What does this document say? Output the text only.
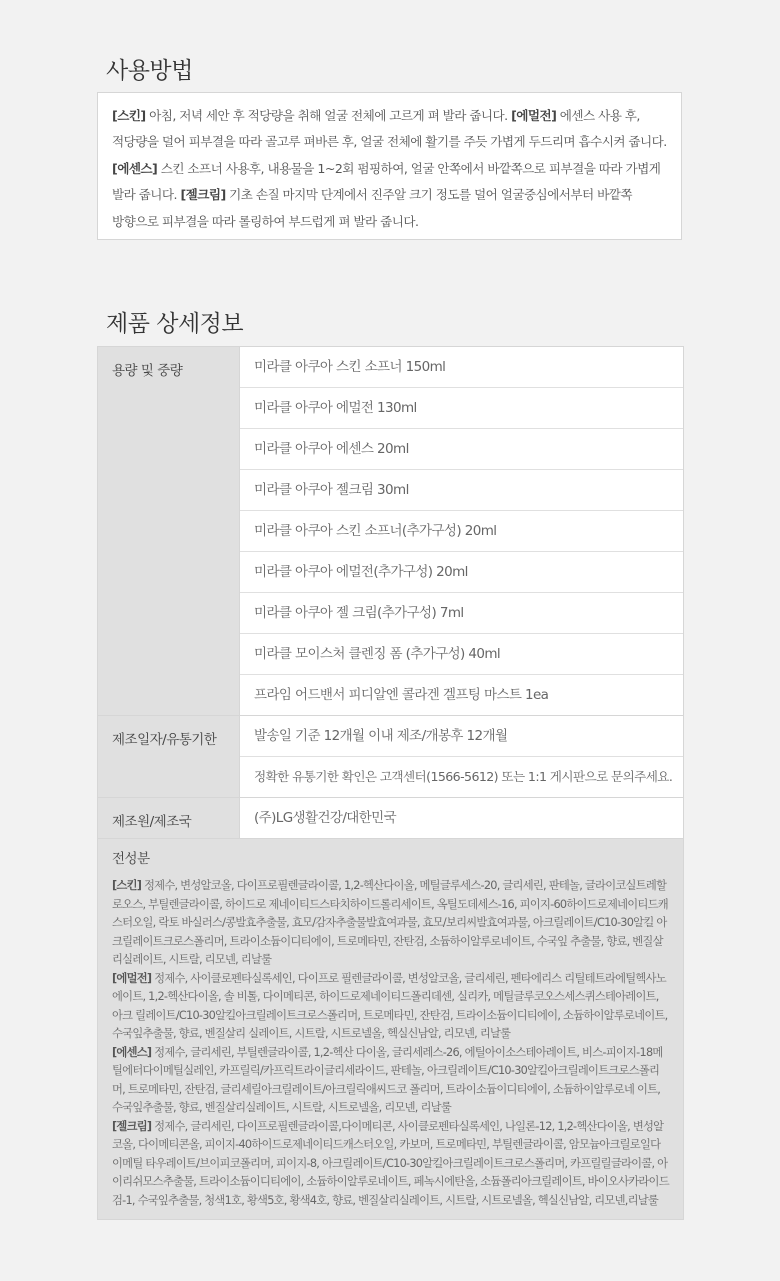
사용방법
[스킨] 아침, 저녁 세안 후 적당량을 취해 얼굴 전체에 고르게 펴 발라 줍니다. [에멀전] 에센스 사용 후, 적당량을 덜어 피부결을 따라 골고루 펴바른 후, 얼굴 전체에 활기를 주듯 가볍게 두드리며 흡수시켜 줍니다. [에센스] 스킨 소프너 사용후, 내용물을 1~2회 펌핑하여, 얼굴 안쪽에서 바깥쪽으로 피부결을 따라 가볍게 발라 줍니다. [젤크림] 기초 손질 마지막 단계에서 진주알 크기 정도를 덜어 얼굴중심에서부터 바깥쪽 방향으로 피부결을 따라 롤링하여 부드럽게 펴 발라 줍니다.
제품 상세정보
용량 및 중량	미라클 아쿠아 스킨 소프너 150ml
미라클 아쿠아 에멀전 130ml
미라클 아쿠아 에센스 20ml
미라클 아쿠아 젤크림 30ml
미라클 아쿠아 스킨 소프너(추가구성) 20ml
미라클 아쿠아 에멀전(추가구성) 20ml
미라클 아쿠아 젤 크림(추가구성) 7ml
미라클 모이스처 클렌징 폼 (추가구성) 40ml
프라임 어드밴서 피디알엔 콜라겐 겔프팅 마스트 1ea
제조일자/유통기한	발송일 기준 12개월 이내 제조/개봉후 12개월
정확한 유통기한 확인은 고객센터(1566-5612) 또는 1:1 게시판으로 문의주세요.
제조원/제조국	(주)LG생활건강/대한민국
전성분
[스킨] 정제수, 변성알코올, 다이프로필렌글라이콜, 1,2-헥산다이올, 메틸글루세스-20, 글리세린, 판테놀, 글라이코실트레할로오스, 부틸렌글라이콜, 하이드로 제네이티드스타치하이드롤리세이트, 옥틸도데세스-16, 피이지-60하이드로제네이티드캐스터오일, 락토 바실러스/콩발효추출물, 효모/감자추출물발효여과물, 효모/보리씨발효여과물, 아크릴레이트/C10-30알킬 아크릴레이트크로스폴리머, 트라이소듐이디티에이, 트로메타민, 잔탄검, 소듐하이알루로네이트, 수국잎 추출물, 향료, 벤질살리실레이트, 시트랄, 리모넨, 리날룰
[에멀전] 정제수, 사이클로펜타실록세인, 다이프로 필렌글라이콜, 변성알코올, 글리세린, 펜타에리스 리틸테트라에틸헥사노에이트, 1,2-헥산다이올, 솔 비톨, 다이메티콘, 하이드로제네이티드폴리데센, 실리카, 메틸글루코오스세스퀴스테아레이트, 아크 릴레이트/C10-30알킬아크릴레이트크로스폴리머, 트로메타민, 잔탄검, 트라이소듐이디티에이, 소듐하이알루로네이트, 수국잎추출물, 향료, 벤질살리 실레이트, 시트랄, 시트로넬올, 헥실신남알, 리모넨, 리날룰
[에센스] 정제수, 글리세린, 부틸렌글라이콜, 1,2-헥산 다이올, 글리세레스-26, 에틸아이소스테아레이트, 비스-피이지-18메틸에터다이메틸실레인, 카프릴릭/카프릭트라이글리세라이드, 판테놀, 아크릴레이트/C10-30알킬아크릴레이트크로스폴리머, 트로메타민, 잔탄검, 글리세릴아크릴레이트/아크릴릭애씨드코 폴리머, 트라이소듐이디티에이, 소듐하이알루로네 이트, 수국잎추출물, 향료, 벤질살리실레이트, 시트랄, 시트로넬올, 리모넨, 리날룰
[젤크림] 정제수, 글리세린, 다이프로필렌글라이콜,다이메티콘, 사이클로펜타실록세인, 나일론-12, 1,2-헥산다이올, 변성알코올, 다이메티콘올, 피이지-40하이드로제네이티드캐스터오일, 카보머, 트로메타민, 부틸렌글라이콜, 암모늄아크릴로일다이메틸 타우레이트/브이피코폴리머, 피이지-8, 아크릴레이트/C10-30알킬아크릴레이트크로스폴리머, 카프릴릴글라이콜, 아이리쉬모스추출물, 트라이소듐이디티에이, 소듐하이알루로네이트, 페녹시에탄올, 소듐폴리아크릴레이트, 바이오사카라이드검-1, 수국잎추출물, 청색1호, 황색5호, 황색4호, 향료, 벤질살리실레이트, 시트랄, 시트로넬올, 헥실신남알, 리모넨,리날룰
